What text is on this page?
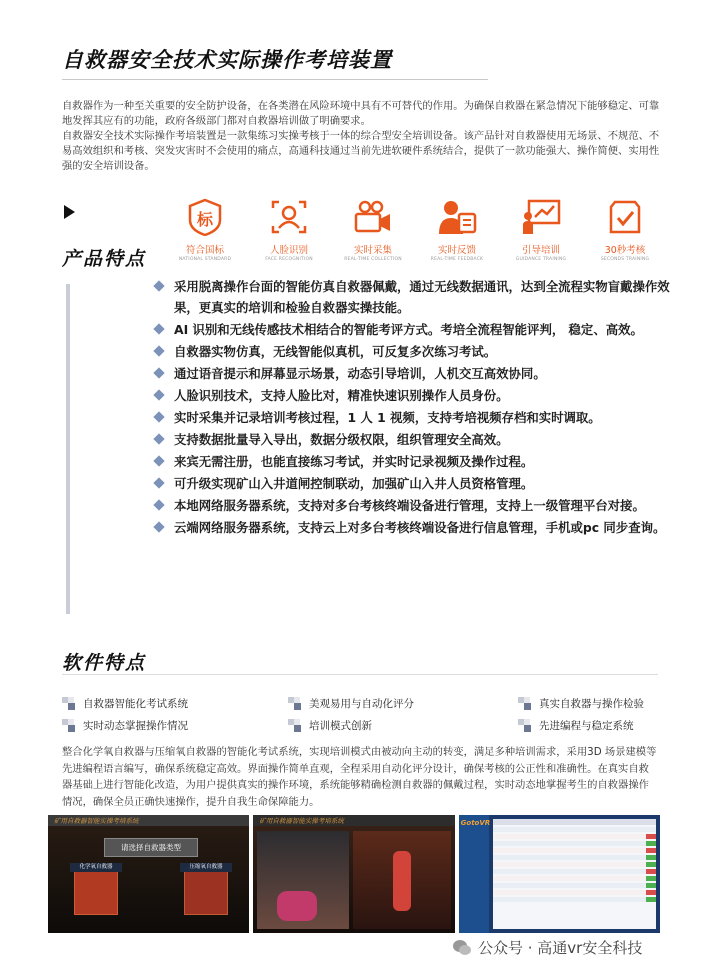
自救器安全技术实际操作考培装置

自救器作为一种至关重要的安全防护设备，在各类潜在风险环境中具有不可替代的作用。为确保自救器在紧急情况下能够稳定、可靠地发挥其应有的功能，政府各级部门都对自救器培训做了明确要求。

自救器安全技术实际操作考培装置是一款集练习实操考核于一体的综合型安全培训设备。该产品针对自救器使用无场景、不规范、不易高效组织和考核、突发灾害时不会使用的痛点，高通科技通过当前先进软硬件系统结合，提供了一款功能强大、操作简便、实用性强的安全培训设备。

产品特点
标
符合国标
NATIONAL STANDARD
人脸识别
FACE RECOGNITION
实时采集
REAL-TIME COLLECTION
实时反馈
REAL-TIME FEEDBACK
引导培训
GUIDANCE TRAINING
30秒考核
SECONDS TRAINING
采用脱离操作台面的智能仿真自救器佩戴，通过无线数据通讯，达到全流程实物盲戴操作效果，更真实的培训和检验自救器实操技能。
AI 识别和无线传感技术相结合的智能考评方式。考培全流程智能评判， 稳定、高效。
自救器实物仿真，无线智能似真机，可反复多次练习考试。
通过语音提示和屏幕显示场景，动态引导培训，人机交互高效协同。
人脸识别技术，支持人脸比对，精准快速识别操作人员身份。
实时采集并记录培训考核过程，1 人 1 视频，支持考培视频存档和实时调取。
支持数据批量导入导出，数据分级权限，组织管理安全高效。
来宾无需注册，也能直接练习考试，并实时记录视频及操作过程。
可升级实现矿山入井道闸控制联动，加强矿山入井人员资格管理。
本地网络服务器系统，支持对多台考核终端设备进行管理，支持上一级管理平台对接。
云端网络服务器系统，支持云上对多台考核终端设备进行信息管理，手机或pc 同步查询。
软件特点
自救器智能化考试系统	美观易用与自动化评分	真实自救器与操作检验
实时动态掌握操作情况	培训模式创新	先进编程与稳定系统
整合化学氧自救器与压缩氧自救器的智能化考试系统，实现培训模式由被动向主动的转变，满足多种培训需求，采用3D 场景建模等先进编程语言编写，确保系统稳定高效。界面操作简单直观，全程采用自动化评分设计，确保考核的公正性和准确性。在真实自救器基础上进行智能化改造，为用户提供真实的操作环境，系统能够精确检测自救器的佩戴过程，实时动态地掌握考生的自救器操作情况，确保全员正确快速操作，提升自我生命保障能力。
矿用自救器智能实操考培系统
请选择自救器类型
化学氧自救器	压缩氧自救器
矿用自救器智能实操考培系统	GotoVR
公众号 · 高通vr安全科技
